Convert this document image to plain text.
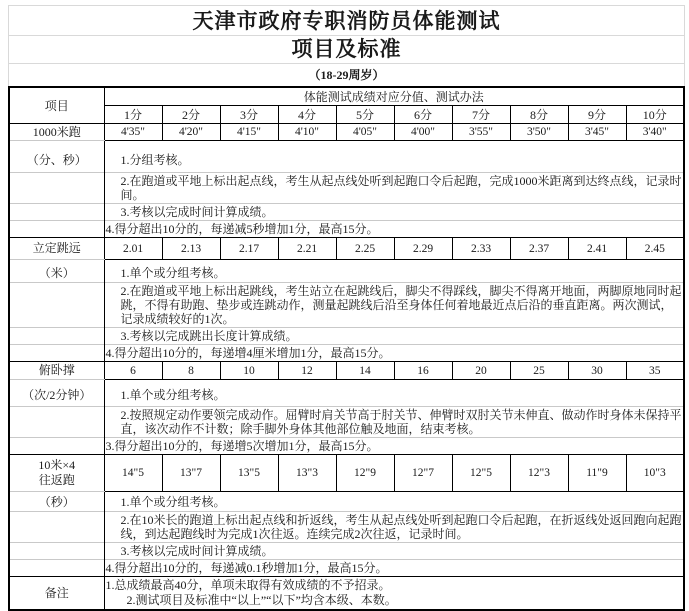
天津市政府专职消防员体能测试
项目及标准
（18-29周岁）
项目	体能测试成绩对应分值、测试办法									
	1分	2分	3分	4分	5分	6分	7分	8分	9分	10分

1000米跑	4'35"	4'20"	4'15"	4'10"	4'05"	4'00"	3'55"	3'50"	3'45"	3'40"
（分、秒）	1.分组考核。									

	2.在跑道或平地上标出起点线，考生从起点线处听到起跑口令后起跑，完成1000米距离到达终点线，记录时间。									

	3.考核以完成时间计算成绩。									

	4.得分超出10分的，每递减5秒增加1分，最高15分。									

立定跳远	2.01	2.13	2.17	2.21	2.25	2.29	2.33	2.37	2.41	2.45
（米）	1.单个或分组考核。									

	2.在跑道或平地上标出起跳线，考生站立在起跳线后，脚尖不得踩线，脚尖不得离开地面，两脚原地同时起跳，不得有助跑、垫步或连跳动作，测量起跳线后沿至身体任何着地最近点后沿的垂直距离。两次测试，记录成绩较好的1次。									

	3.考核以完成跳出长度计算成绩。									

	4.得分超出10分的，每递增4厘米增加1分，最高15分。									

俯卧撑	6	8	10	12	14	16	20	25	30	35
（次/2分钟）	1.单个或分组考核。									

	2.按照规定动作要领完成动作。屈臂时肩关节高于肘关节、伸臂时双肘关节未伸直、做动作时身体未保持平直，该次动作不计数；除手脚外身体其他部位触及地面，结束考核。									

	3.得分超出10分的，每递增5次增加1分，最高15分。									

10米×4
往返跑	14"5	13"7	13"5	13"3	12"9	12"7	12"5	12"3	11"9	10"3
（秒）	1.单个或分组考核。									

	2.在10米长的跑道上标出起点线和折返线，考生从起点线处听到起跑口令后起跑，在折返线处返回跑向起跑线，到达起跑线时为完成1次往返。连续完成2次往返，记录时间。									

	3.考核以完成时间计算成绩。									

	4.得分超出10分的，每递减0.1秒增加1分，最高15分。									

备注	1.总成绩最高40分，单项未取得有效成绩的不予招录。
2.测试项目及标准中“以上”“以下”均含本级、本数。									
